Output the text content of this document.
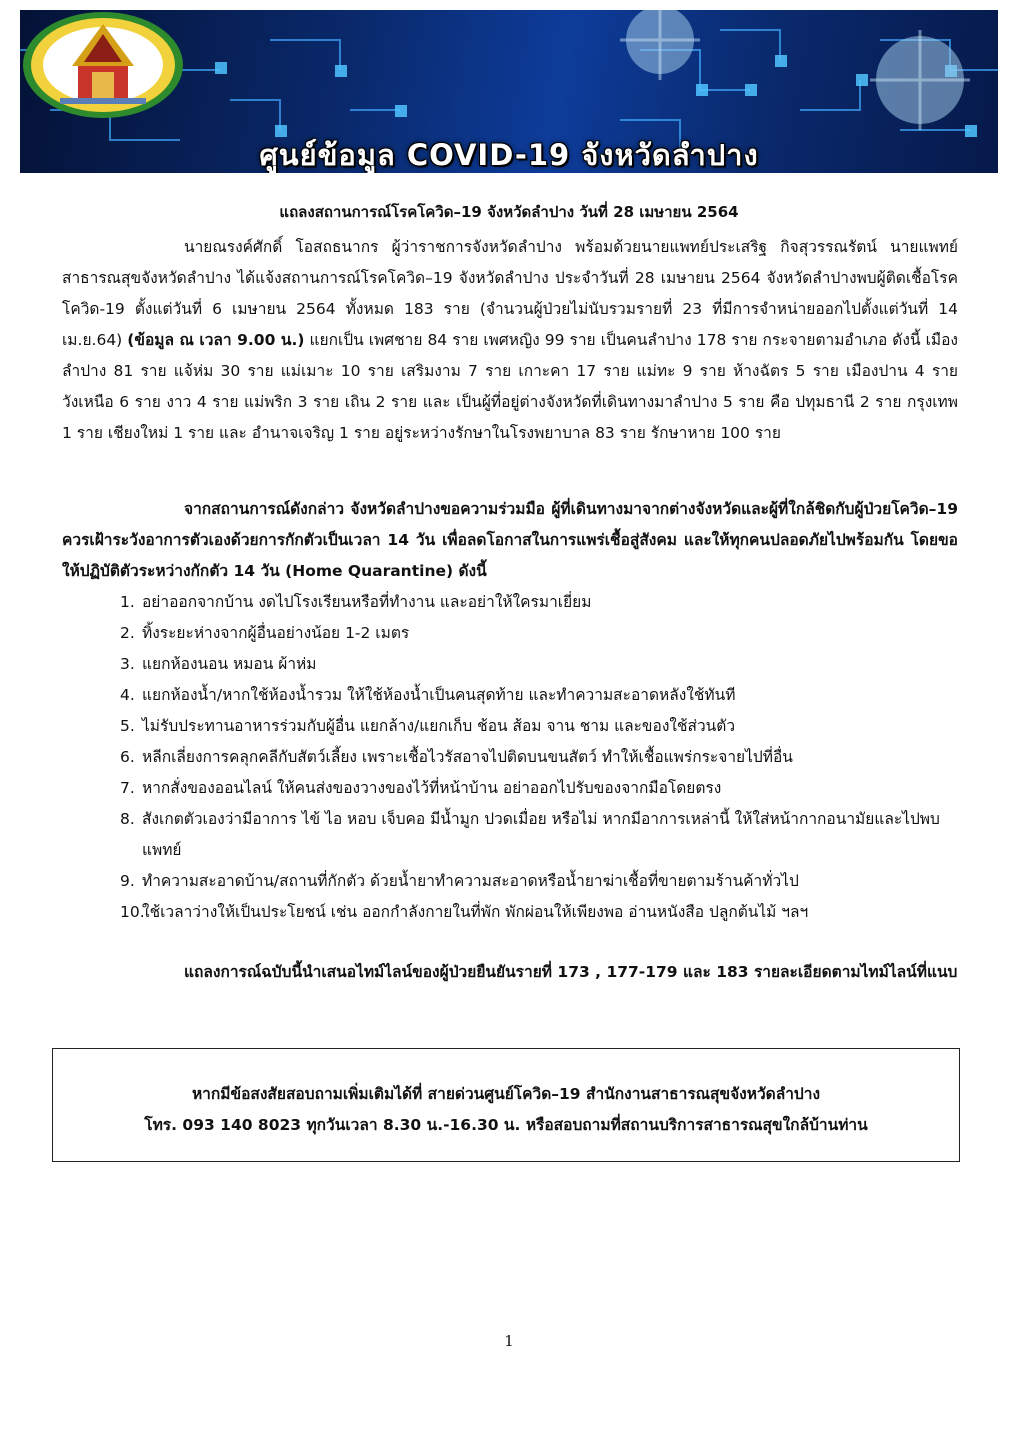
ศูนย์ข้อมูล COVID-19 จังหวัดลำปาง
แถลงสถานการณ์โรคโควิด–19 จังหวัดลำปาง วันที่ 28 เมษายน 2564

นายณรงค์ศักดิ์ โอสถธนากร ผู้ว่าราชการจังหวัดลำปาง พร้อมด้วยนายแพทย์ประเสริฐ กิจสุวรรณรัตน์ นายแพทย์สาธารณสุขจังหวัดลำปาง ได้แจ้งสถานการณ์โรคโควิด–19 จังหวัดลำปาง ประจำวันที่ 28 เมษายน 2564 จังหวัดลำปางพบผู้ติดเชื้อโรคโควิด-19 ตั้งแต่วันที่ 6 เมษายน 2564 ทั้งหมด 183 ราย (จำนวนผู้ป่วยไม่นับรวมรายที่ 23 ที่มีการจำหน่ายออกไปตั้งแต่วันที่ 14 เม.ย.64) (ข้อมูล ณ เวลา 9.00 น.) แยกเป็น เพศชาย 84 ราย เพศหญิง 99 ราย เป็นคนลำปาง 178 ราย กระจายตามอำเภอ ดังนี้ เมืองลำปาง 81 ราย แจ้ห่ม 30 ราย แม่เมาะ 10 ราย เสริมงาม 7 ราย เกาะคา 17 ราย แม่ทะ 9 ราย ห้างฉัตร 5 ราย เมืองปาน 4 ราย วังเหนือ 6 ราย งาว 4 ราย แม่พริก 3 ราย เถิน 2 ราย และ เป็นผู้ที่อยู่ต่างจังหวัดที่เดินทางมาลำปาง 5 ราย คือ ปทุมธานี 2 ราย กรุงเทพ 1 ราย เชียงใหม่ 1 ราย และ อำนาจเจริญ 1 ราย อยู่ระหว่างรักษาในโรงพยาบาล 83 ราย รักษาหาย 100 ราย

จากสถานการณ์ดังกล่าว จังหวัดลำปางขอความร่วมมือ ผู้ที่เดินทางมาจากต่างจังหวัดและผู้ที่ใกล้ชิดกับผู้ป่วยโควิด–19 ควรเฝ้าระวังอาการตัวเองด้วยการกักตัวเป็นเวลา 14 วัน เพื่อลดโอกาสในการแพร่เชื้อสู่สังคม และให้ทุกคนปลอดภัยไปพร้อมกัน โดยขอให้ปฏิบัติตัวระหว่างกักตัว 14 วัน (Home Quarantine) ดังนี้

1. อย่าออกจากบ้าน งดไปโรงเรียนหรือที่ทำงาน และอย่าให้ใครมาเยี่ยม
2. ทิ้งระยะห่างจากผู้อื่นอย่างน้อย 1-2 เมตร
3. แยกห้องนอน หมอน ผ้าห่ม
4. แยกห้องน้ำ/หากใช้ห้องน้ำรวม ให้ใช้ห้องน้ำเป็นคนสุดท้าย และทำความสะอาดหลังใช้ทันที
5. ไม่รับประทานอาหารร่วมกับผู้อื่น แยกล้าง/แยกเก็บ ช้อน ส้อม จาน ชาม และของใช้ส่วนตัว
6. หลีกเลี่ยงการคลุกคลีกับสัตว์เลี้ยง เพราะเชื้อไวรัสอาจไปติดบนขนสัตว์ ทำให้เชื้อแพร่กระจายไปที่อื่น
7. หากสั่งของออนไลน์ ให้คนส่งของวางของไว้ที่หน้าบ้าน อย่าออกไปรับของจากมือโดยตรง
8. สังเกตตัวเองว่ามีอาการ ไข้ ไอ หอบ เจ็บคอ มีน้ำมูก ปวดเมื่อย หรือไม่ หากมีอาการเหล่านี้ ให้ใส่หน้ากากอนามัยและไปพบแพทย์
9. ทำความสะอาดบ้าน/สถานที่กักตัว ด้วยน้ำยาทำความสะอาดหรือน้ำยาฆ่าเชื้อที่ขายตามร้านค้าทั่วไป
10.
ใช้เวลาว่างให้เป็นประโยชน์ เช่น ออกกำลังกายในที่พัก พักผ่อนให้เพียงพอ อ่านหนังสือ ปลูกต้นไม้ ฯลฯ

แถลงการณ์ฉบับนี้นำเสนอไทม์ไลน์ของผู้ป่วยยืนยันรายที่ 173 , 177-179 และ 183 รายละเอียดตามไทม์ไลน์ที่แนบ

หากมีข้อสงสัยสอบถามเพิ่มเติมได้ที่ สายด่วนศูนย์โควิด–19 สำนักงานสาธารณสุขจังหวัดลำปาง
โทร. 093 140 8023 ทุกวันเวลา 8.30 น.-16.30 น. หรือสอบถามที่สถานบริการสาธารณสุขใกล้บ้านท่าน
1
